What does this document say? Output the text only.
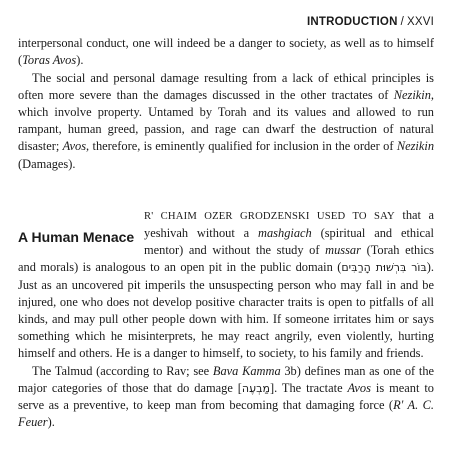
INTRODUCTION / XXVI

interpersonal conduct, one will indeed be a danger to society, as well as to himself (Toras Avos).

The social and personal damage resulting from a lack of ethical principles is often more severe than the damages discussed in the other tractates of Nezikin, which involve property. Untamed by Torah and its values and allowed to run rampant, human greed, passion, and rage can dwarf the destruction of natural disaster; Avos, therefore, is eminently qualified for inclusion in the order of Nezikin (Damages).

A Human Menace

R' CHAIM OZER GRODZENSKI USED TO SAY that a yeshivah without a mashgiach (spiritual and ethical mentor) and without the study of mussar (Torah ethics and morals) is analogous to an open pit in the public domain (בּוֹר בִּרְשׁוּת הָרַבִּים). Just as an uncovered pit imperils the unsuspecting person who may fall in and be injured, one who does not develop positive character traits is open to pitfalls of all kinds, and may pull other people down with him. If someone irritates him or says something which he misinterprets, he may react angrily, even violently, hurting himself and others. He is a danger to himself, to society, to his family and friends.

The Talmud (according to Rav; see Bava Kamma 3b) defines man as one of the major categories of those that do damage [מַבְעֶה]. The tractate Avos is meant to serve as a preventive, to keep man from becoming that damaging force (R' A. C. Feuer).
